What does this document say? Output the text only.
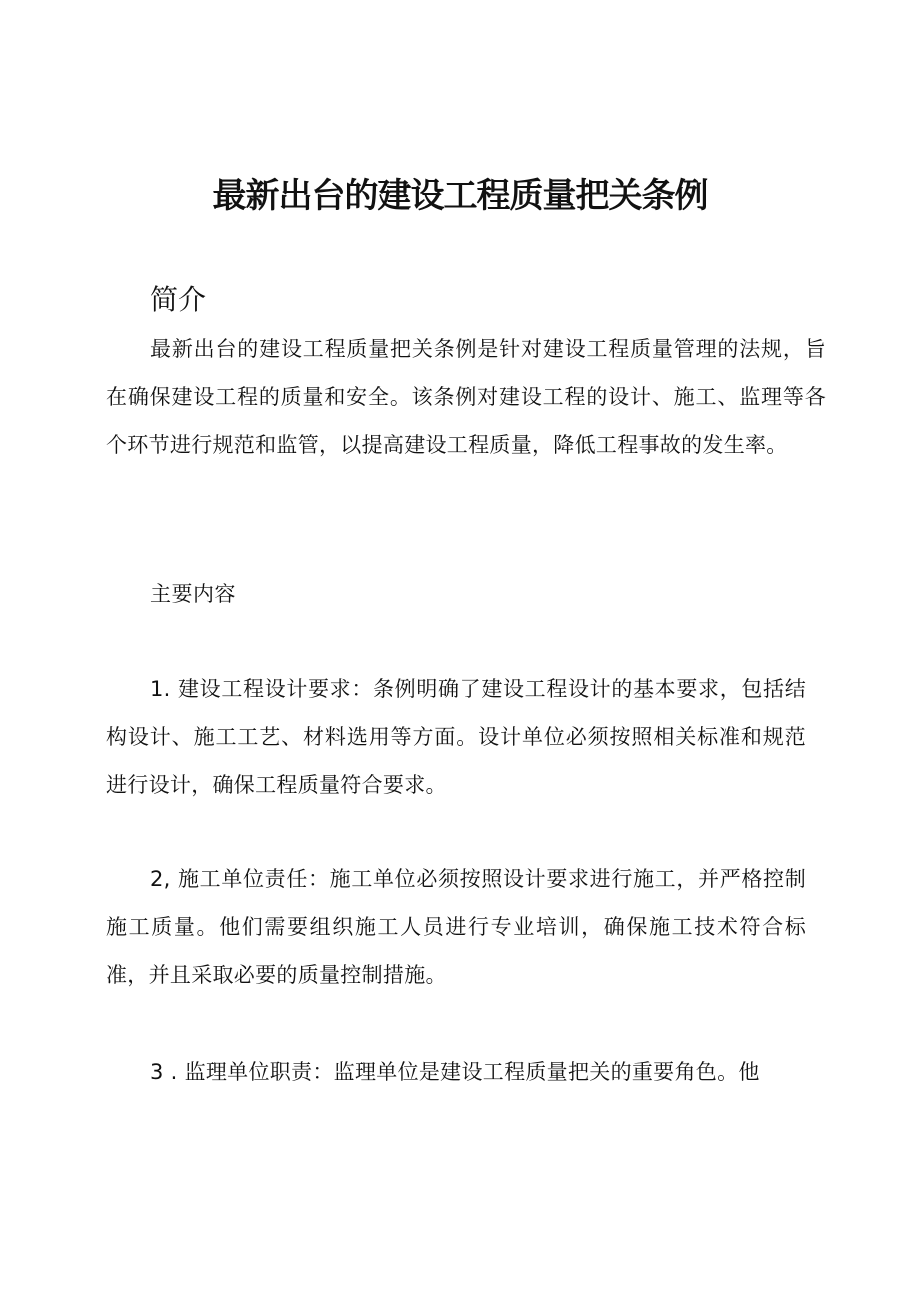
最新出台的建设工程质量把关条例
简介

最新出台的建设工程质量把关条例是针对建设工程质量管理的法规，旨在确保建设工程的质量和安全。该条例对建设工程的设计、施工、监理等各个环节进行规范和监管，以提高建设工程质量，降低工程事故的发生率。

主要内容

1. 建设工程设计要求：条例明确了建设工程设计的基本要求，包括结构设计、施工工艺、材料选用等方面。设计单位必须按照相关标准和规范进行设计，确保工程质量符合要求。

2, 施工单位责任：施工单位必须按照设计要求进行施工，并严格控制施工质量。他们需要组织施工人员进行专业培训，确保施工技术符合标准，并且采取必要的质量控制措施。

3 . 监理单位职责：监理单位是建设工程质量把关的重要角色。他
